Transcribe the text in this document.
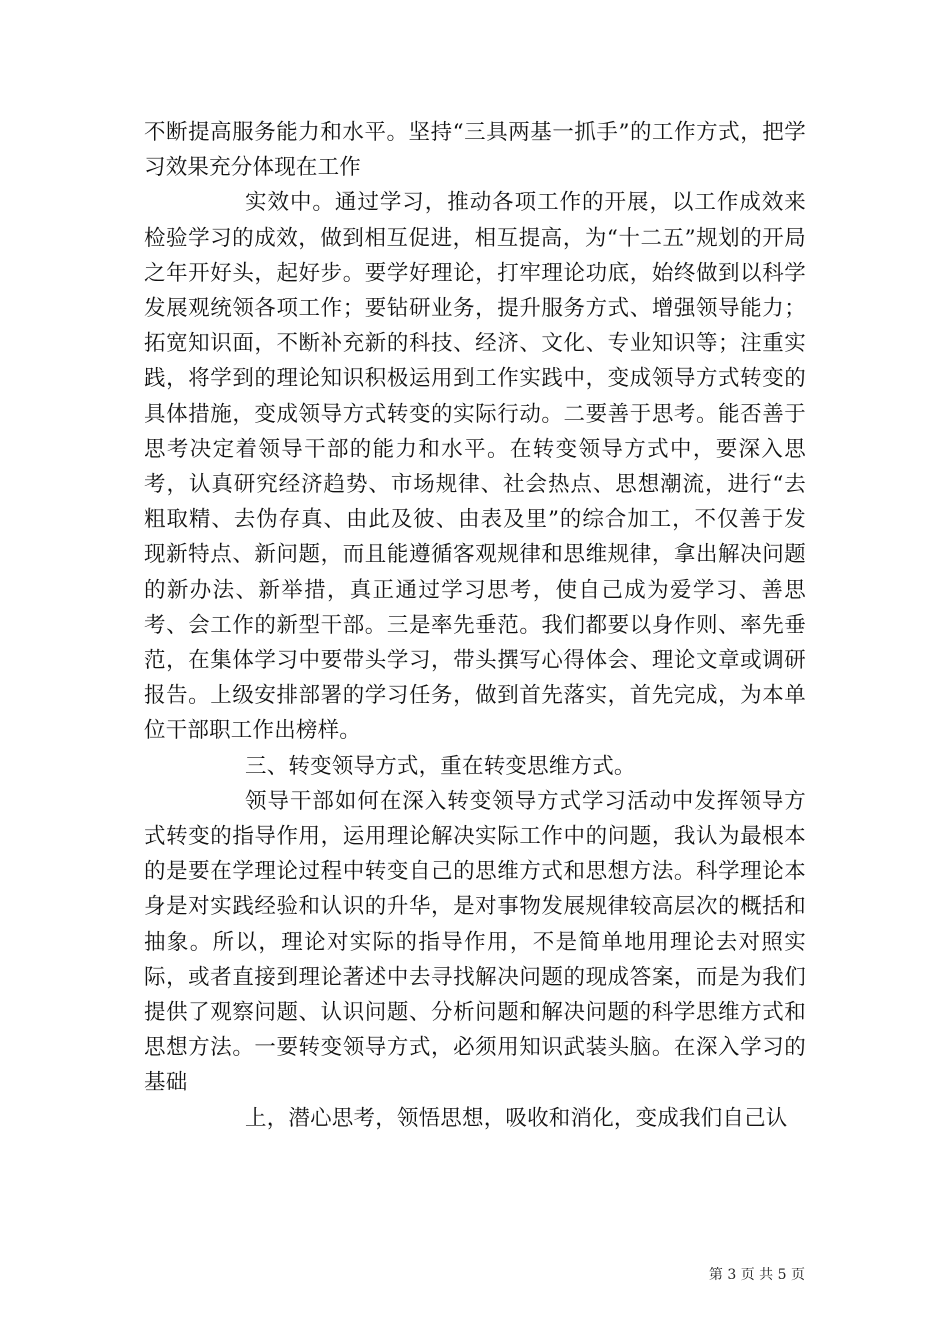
不断提高服务能力和水平。坚持“三具两基一抓手”的工作方式，把学习效果充分体现在工作

实效中。通过学习，推动各项工作的开展，以工作成效来检验学习的成效，做到相互促进，相互提高，为“十二五”规划的开局之年开好头，起好步。要学好理论，打牢理论功底，始终做到以科学发展观统领各项工作；要钻研业务，提升服务方式、增强领导能力；拓宽知识面，不断补充新的科技、经济、文化、专业知识等；注重实践，将学到的理论知识积极运用到工作实践中，变成领导方式转变的具体措施，变成领导方式转变的实际行动。二要善于思考。能否善于思考决定着领导干部的能力和水平。在转变领导方式中，要深入思考，认真研究经济趋势、市场规律、社会热点、思想潮流，进行“去粗取精、去伪存真、由此及彼、由表及里”的综合加工，不仅善于发现新特点、新问题，而且能遵循客观规律和思维规律，拿出解决问题的新办法、新举措，真正通过学习思考，使自己成为爱学习、善思考、会工作的新型干部。三是率先垂范。我们都要以身作则、率先垂范，在集体学习中要带头学习，带头撰写心得体会、理论文章或调研报告。上级安排部署的学习任务，做到首先落实，首先完成，为本单位干部职工作出榜样。

三、转变领导方式，重在转变思维方式。

领导干部如何在深入转变领导方式学习活动中发挥领导方式转变的指导作用，运用理论解决实际工作中的问题，我认为最根本的是要在学理论过程中转变自己的思维方式和思想方法。科学理论本身是对实践经验和认识的升华，是对事物发展规律较高层次的概括和抽象。所以，理论对实际的指导作用，不是简单地用理论去对照实际，或者直接到理论著述中去寻找解决问题的现成答案，而是为我们提供了观察问题、认识问题、分析问题和解决问题的科学思维方式和思想方法。一要转变领导方式，必须用知识武装头脑。在深入学习的基础

上，潜心思考，领悟思想，吸收和消化，变成我们自己认

第 3 页 共 5 页
